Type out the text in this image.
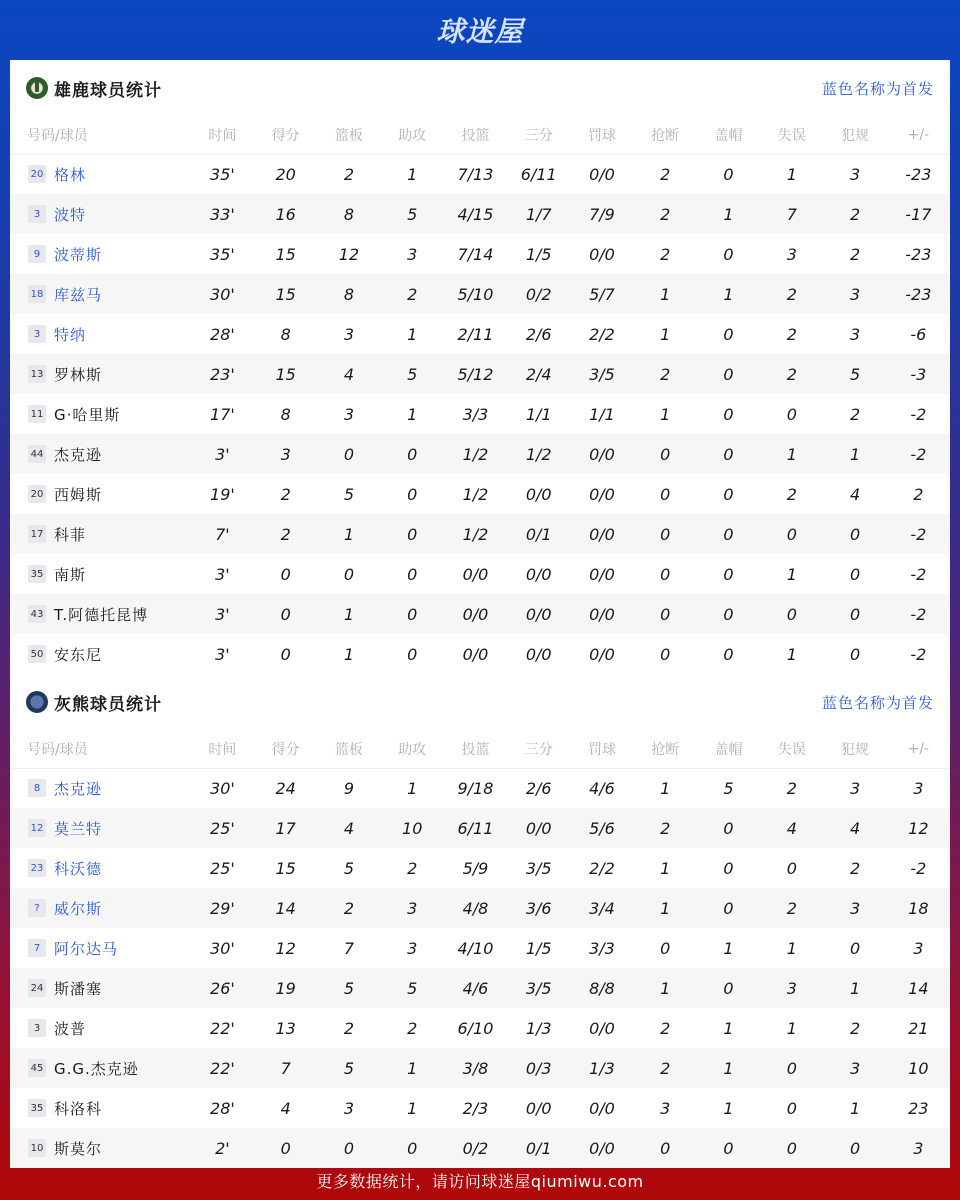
球迷屋
雄鹿球员统计	蓝色名称为首发
号码/球员	时间	得分	篮板	助攻	投篮	三分	罚球	抢断	盖帽	失误	犯规	+/-

20 格林	35'	20	2	1	7/13	6/11	0/0	2	0	1	3	-23

3 波特	33'	16	8	5	4/15	1/7	7/9	2	1	7	2	-17

9 波蒂斯	35'	15	12	3	7/14	1/5	0/0	2	0	3	2	-23

18 库兹马	30'	15	8	2	5/10	0/2	5/7	1	1	2	3	-23

3 特纳	28'	8	3	1	2/11	2/6	2/2	1	0	2	3	-6

13 罗林斯	23'	15	4	5	5/12	2/4	3/5	2	0	2	5	-3

11 G·哈里斯	17'	8	3	1	3/3	1/1	1/1	1	0	0	2	-2

44 杰克逊	3'	3	0	0	1/2	1/2	0/0	0	0	1	1	-2

20 西姆斯	19'	2	5	0	1/2	0/0	0/0	0	0	2	4	2

17 科菲	7'	2	1	0	1/2	0/1	0/0	0	0	0	0	-2

35 南斯	3'	0	0	0	0/0	0/0	0/0	0	0	1	0	-2

43 T.阿德托昆博	3'	0	1	0	0/0	0/0	0/0	0	0	0	0	-2

50 安东尼	3'	0	1	0	0/0	0/0	0/0	0	0	1	0	-2
灰熊球员统计	蓝色名称为首发
号码/球员	时间	得分	篮板	助攻	投篮	三分	罚球	抢断	盖帽	失误	犯规	+/-

8 杰克逊	30'	24	9	1	9/18	2/6	4/6	1	5	2	3	3

12 莫兰特	25'	17	4	10	6/11	0/0	5/6	2	0	4	4	12

23 科沃德	25'	15	5	2	5/9	3/5	2/2	1	0	0	2	-2

? 威尔斯	29'	14	2	3	4/8	3/6	3/4	1	0	2	3	18

7 阿尔达马	30'	12	7	3	4/10	1/5	3/3	0	1	1	0	3

24 斯潘塞	26'	19	5	5	4/6	3/5	8/8	1	0	3	1	14

3 波普	22'	13	2	2	6/10	1/3	0/0	2	1	1	2	21

45 G.G.杰克逊	22'	7	5	1	3/8	0/3	1/3	2	1	0	3	10

35 科洛科	28'	4	3	1	2/3	0/0	0/0	3	1	0	1	23

10 斯莫尔	2'	0	0	0	0/2	0/1	0/0	0	0	0	0	3
更多数据统计，请访问球迷屋qiumiwu.com
